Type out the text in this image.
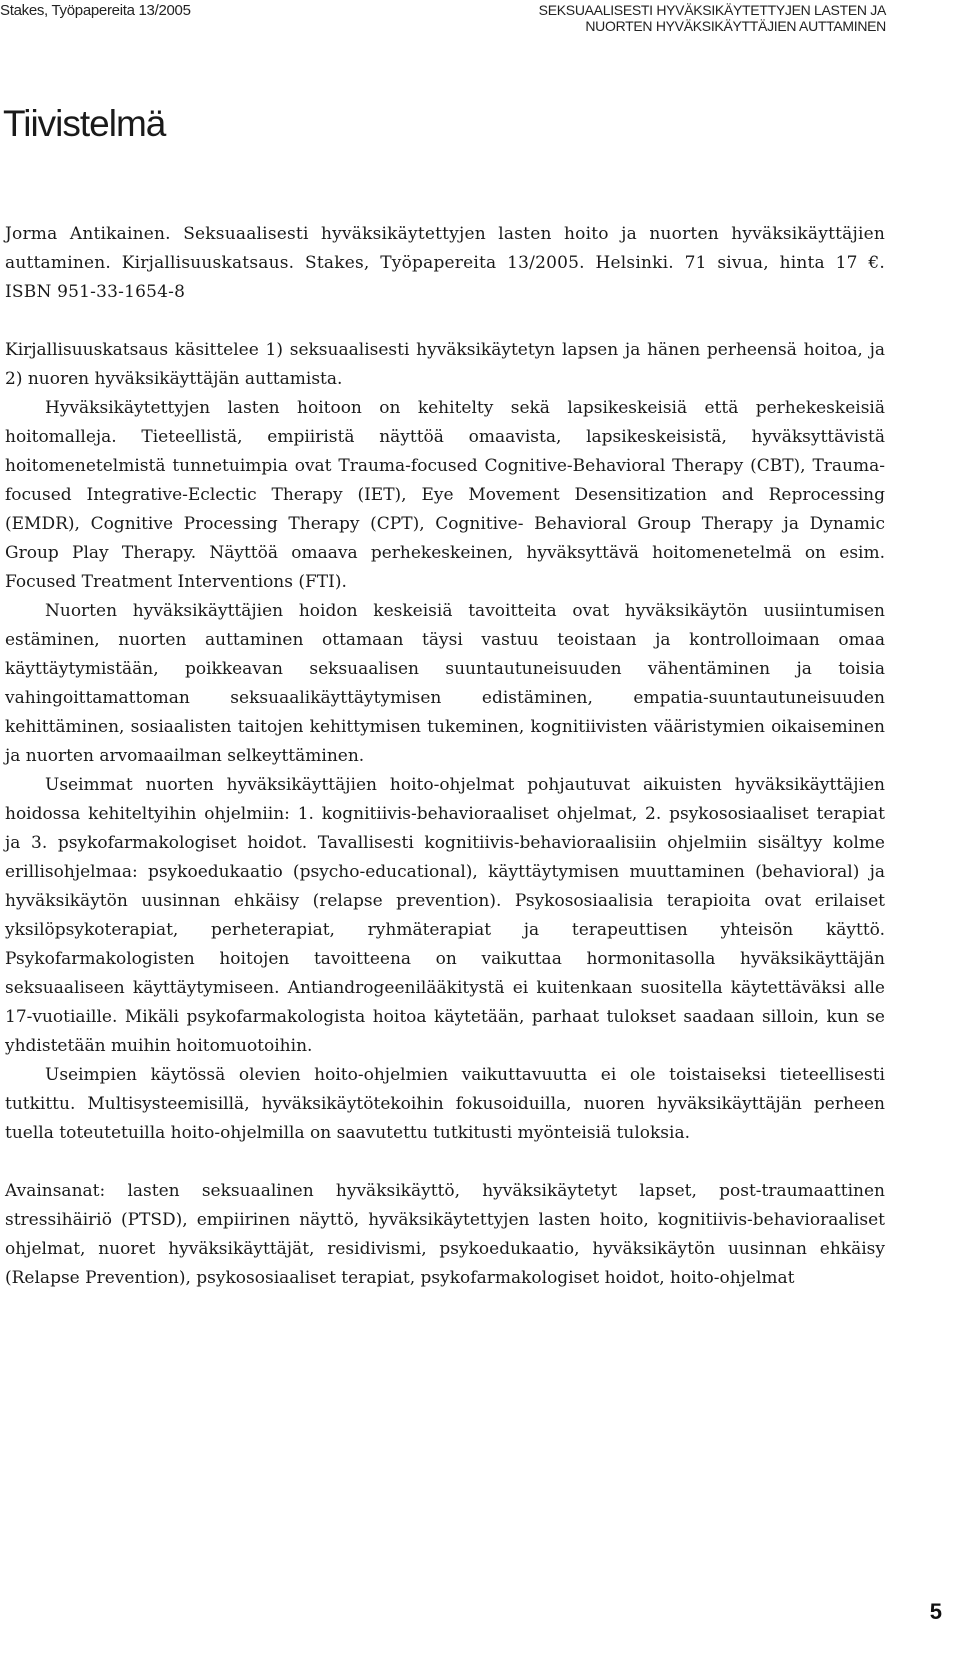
Stakes, Työpapereita 13/2005	SEKSUAALISESTI HYVÄKSIKÄYTETTYJEN LASTEN JA
NUORTEN HYVÄKSIKÄYTTÄJIEN AUTTAMINEN
Tiivistelmä

Jorma Antikainen. Seksuaalisesti hyväksikäytettyjen lasten hoito ja nuorten hyväksikäyttäjien auttaminen. Kirjallisuuskatsaus. Stakes, Työpapereita 13/2005. Helsinki. 71 sivua, hinta 17 €. ISBN 951-33-1654-8

Kirjallisuuskatsaus käsittelee 1) seksuaalisesti hyväksikäytetyn lapsen ja hänen perheensä hoitoa, ja 2) nuoren hyväksikäyttäjän auttamista.

Hyväksikäytettyjen lasten hoitoon on kehitelty sekä lapsikeskeisiä että perhekeskeisiä hoitomalleja. Tieteellistä, empiiristä näyttöä omaavista, lapsikeskeisistä, hyväksyttävistä hoitomenetelmistä tunnetuimpia ovat Trauma-focused Cognitive-Behavioral Therapy (CBT), Trauma-focused Integrative-Eclectic Therapy (IET), Eye Movement Desensitization and Reprocessing (EMDR), Cognitive Processing Therapy (CPT), Cognitive- Behavioral Group Therapy ja Dynamic Group Play Therapy. Näyttöä omaava perhekeskeinen, hyväksyttävä hoitomenetelmä on esim. Focused Treatment Interventions (FTI).

Nuorten hyväksikäyttäjien hoidon keskeisiä tavoitteita ovat hyväksikäytön uusiintumisen estäminen, nuorten auttaminen ottamaan täysi vastuu teoistaan ja kontrolloimaan omaa käyttäytymistään, poikkeavan seksuaalisen suuntautuneisuuden vähentäminen ja toisia vahingoittamattoman seksuaalikäyttäytymisen edistäminen, empatia-suuntautuneisuuden kehittäminen, sosiaalisten taitojen kehittymisen tukeminen, kognitiivisten vääristymien oikaiseminen ja nuorten arvomaailman selkeyttäminen.

Useimmat nuorten hyväksikäyttäjien hoito-ohjelmat pohjautuvat aikuisten hyväksikäyttäjien hoidossa kehiteltyihin ohjelmiin: 1. kognitiivis-behavioraaliset ohjelmat, 2. psykososiaaliset terapiat ja 3. psykofarmakologiset hoidot. Tavallisesti kognitiivis-behavioraalisiin ohjelmiin sisältyy kolme erillisohjelmaa: psykoedukaatio (psycho-educational), käyttäytymisen muuttaminen (behavioral) ja hyväksikäytön uusinnan ehkäisy (relapse prevention). Psykososiaalisia terapioita ovat erilaiset yksilöpsykoterapiat, perheterapiat, ryhmäterapiat ja terapeuttisen yhteisön käyttö. Psykofarmakologisten hoitojen tavoitteena on vaikuttaa hormonitasolla hyväksikäyttäjän seksuaaliseen käyttäytymiseen. Antiandrogeenilääkitystä ei kuitenkaan suositella käytettäväksi alle 17-vuotiaille. Mikäli psykofarmakologista hoitoa käytetään, parhaat tulokset saadaan silloin, kun se yhdistetään muihin hoitomuotoihin.

Useimpien käytössä olevien hoito-ohjelmien vaikuttavuutta ei ole toistaiseksi tieteellisesti tutkittu. Multisysteemisillä, hyväksikäytötekoihin fokusoiduilla, nuoren hyväksikäyttäjän perheen tuella toteutetuilla hoito-ohjelmilla on saavutettu tutkitusti myönteisiä tuloksia.

Avainsanat: lasten seksuaalinen hyväksikäyttö, hyväksikäytetyt lapset, post-traumaattinen stressihäiriö (PTSD), empiirinen näyttö, hyväksikäytettyjen lasten hoito, kognitiivis-behavioraaliset ohjelmat, nuoret hyväksikäyttäjät, residivismi, psykoedukaatio, hyväksikäytön uusinnan ehkäisy (Relapse Prevention), psykososiaaliset terapiat, psykofarmakologiset hoidot, hoito-ohjelmat

5
